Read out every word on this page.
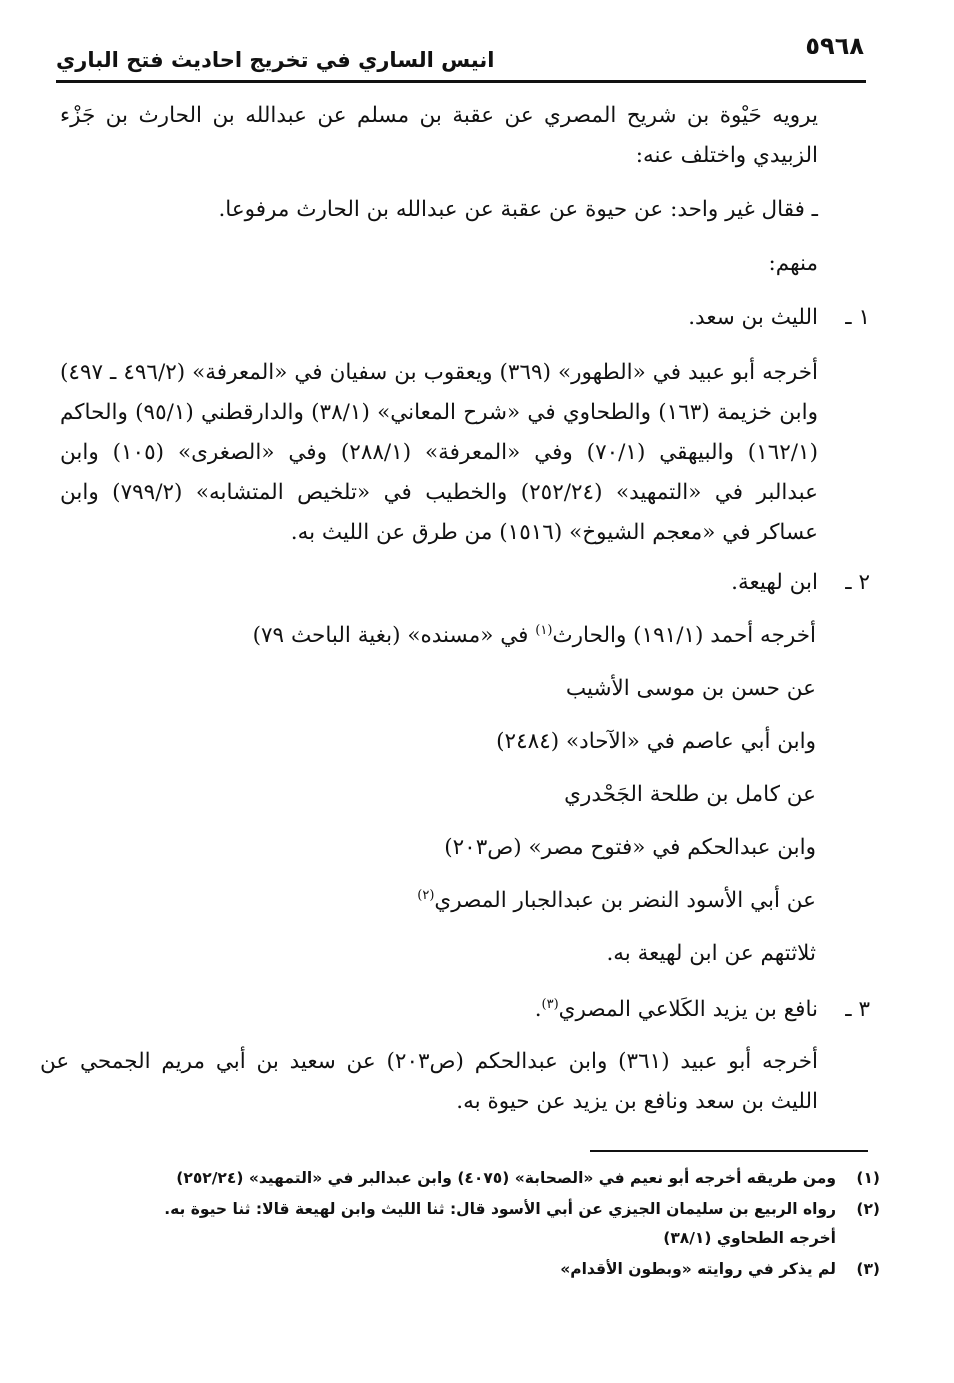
٥٩٦٨
انيس الساري في تخريج احاديث فتح الباري

يرويه حَيْوة بن شريح المصري عن عقبة بن مسلم عن عبدالله بن الحارث بن جَزْء الزبيدي واختلف عنه:

ـ فقال غير واحد: عن حيوة عن عقبة عن عبدالله بن الحارث مرفوعا.

منهم:

١ ـ
الليث بن سعد.

أخرجه أبو عبيد في «الطهور» (٣٦٩) ويعقوب بن سفيان في «المعرفة» (٤٩٦/٢ ـ ٤٩٧) وابن خزيمة (١٦٣) والطحاوي في «شرح المعاني» (٣٨/١) والدارقطني (٩٥/١) والحاكم (١٦٢/١) والبيهقي (٧٠/١) وفي «المعرفة» (٢٨٨/١) وفي «الصغرى» (١٠٥) وابن عبدالبر في «التمهيد» (٢٥٢/٢٤) والخطيب في «تلخيص المتشابه» (٧٩٩/٢) وابن عساكر في «معجم الشيوخ» (١٥١٦) من طرق عن الليث به.

٢ ـ
ابن لهيعة.

أخرجه أحمد (١٩١/١) والحارث$^{(١)}$ في «مسنده» (بغية الباحث ٧٩)

عن حسن بن موسى الأشيب

وابن أبي عاصم في «الآحاد» (٢٤٨٤)

عن كامل بن طلحة الجَحْدري

وابن عبدالحكم في «فتوح مصر» (ص٢٠٣)

عن أبي الأسود النضر بن عبدالجبار المصري$^{(٢)}$

ثلاثتهم عن ابن لهيعة به.

٣ ـ
نافع بن يزيد الكَلاعي المصري$^{(٣)}$.

أخرجه أبو عبيد (٣٦١) وابن عبدالحكم (ص٢٠٣) عن سعيد بن أبي مريم الجمحي عن الليث بن سعد ونافع بن يزيد عن حيوة به.

(١)
ومن طريقه أخرجه أبو نعيم في «الصحابة» (٤٠٧٥) وابن عبدالبر في «التمهيد» (٢٥٢/٢٤)
(٢)
رواه الربيع بن سليمان الجيزي عن أبي الأسود قال: ثنا الليث وابن لهيعة قالا: ثنا حيوة به.
أخرجه الطحاوي (٣٨/١)
(٣)
لم يذكر في روايته «وبطون الأقدام»
